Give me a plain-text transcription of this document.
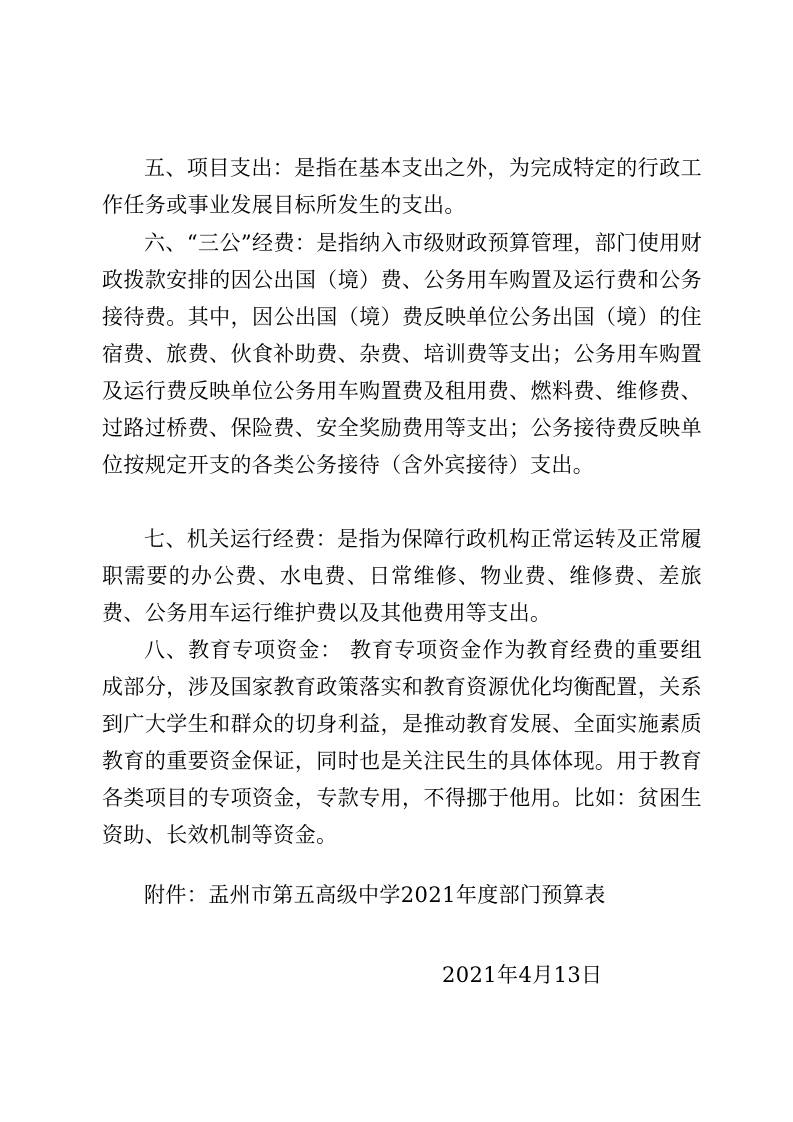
五、项目支出：是指在基本支出之外，为完成特定的行政工作任务或事业发展目标所发生的支出。

六、“三公”经费：是指纳入市级财政预算管理，部门使用财政拨款安排的因公出国（境）费、公务用车购置及运行费和公务接待费。其中，因公出国（境）费反映单位公务出国（境）的住宿费、旅费、伙食补助费、杂费、培训费等支出；公务用车购置及运行费反映单位公务用车购置费及租用费、燃料费、维修费、过路过桥费、保险费、安全奖励费用等支出；公务接待费反映单位按规定开支的各类公务接待（含外宾接待）支出。

七、机关运行经费：是指为保障行政机构正常运转及正常履职需要的办公费、水电费、日常维修、物业费、维修费、差旅费、公务用车运行维护费以及其他费用等支出。

八、教育专项资金： 教育专项资金作为教育经费的重要组成部分，涉及国家教育政策落实和教育资源优化均衡配置，关系到广大学生和群众的切身利益，是推动教育发展、全面实施素质教育的重要资金保证，同时也是关注民生的具体体现。用于教育各类项目的专项资金，专款专用，不得挪于他用。比如：贫困生资助、长效机制等资金。

附件：盂州市第五高级中学2021年度部门预算表

2021年4月13日
